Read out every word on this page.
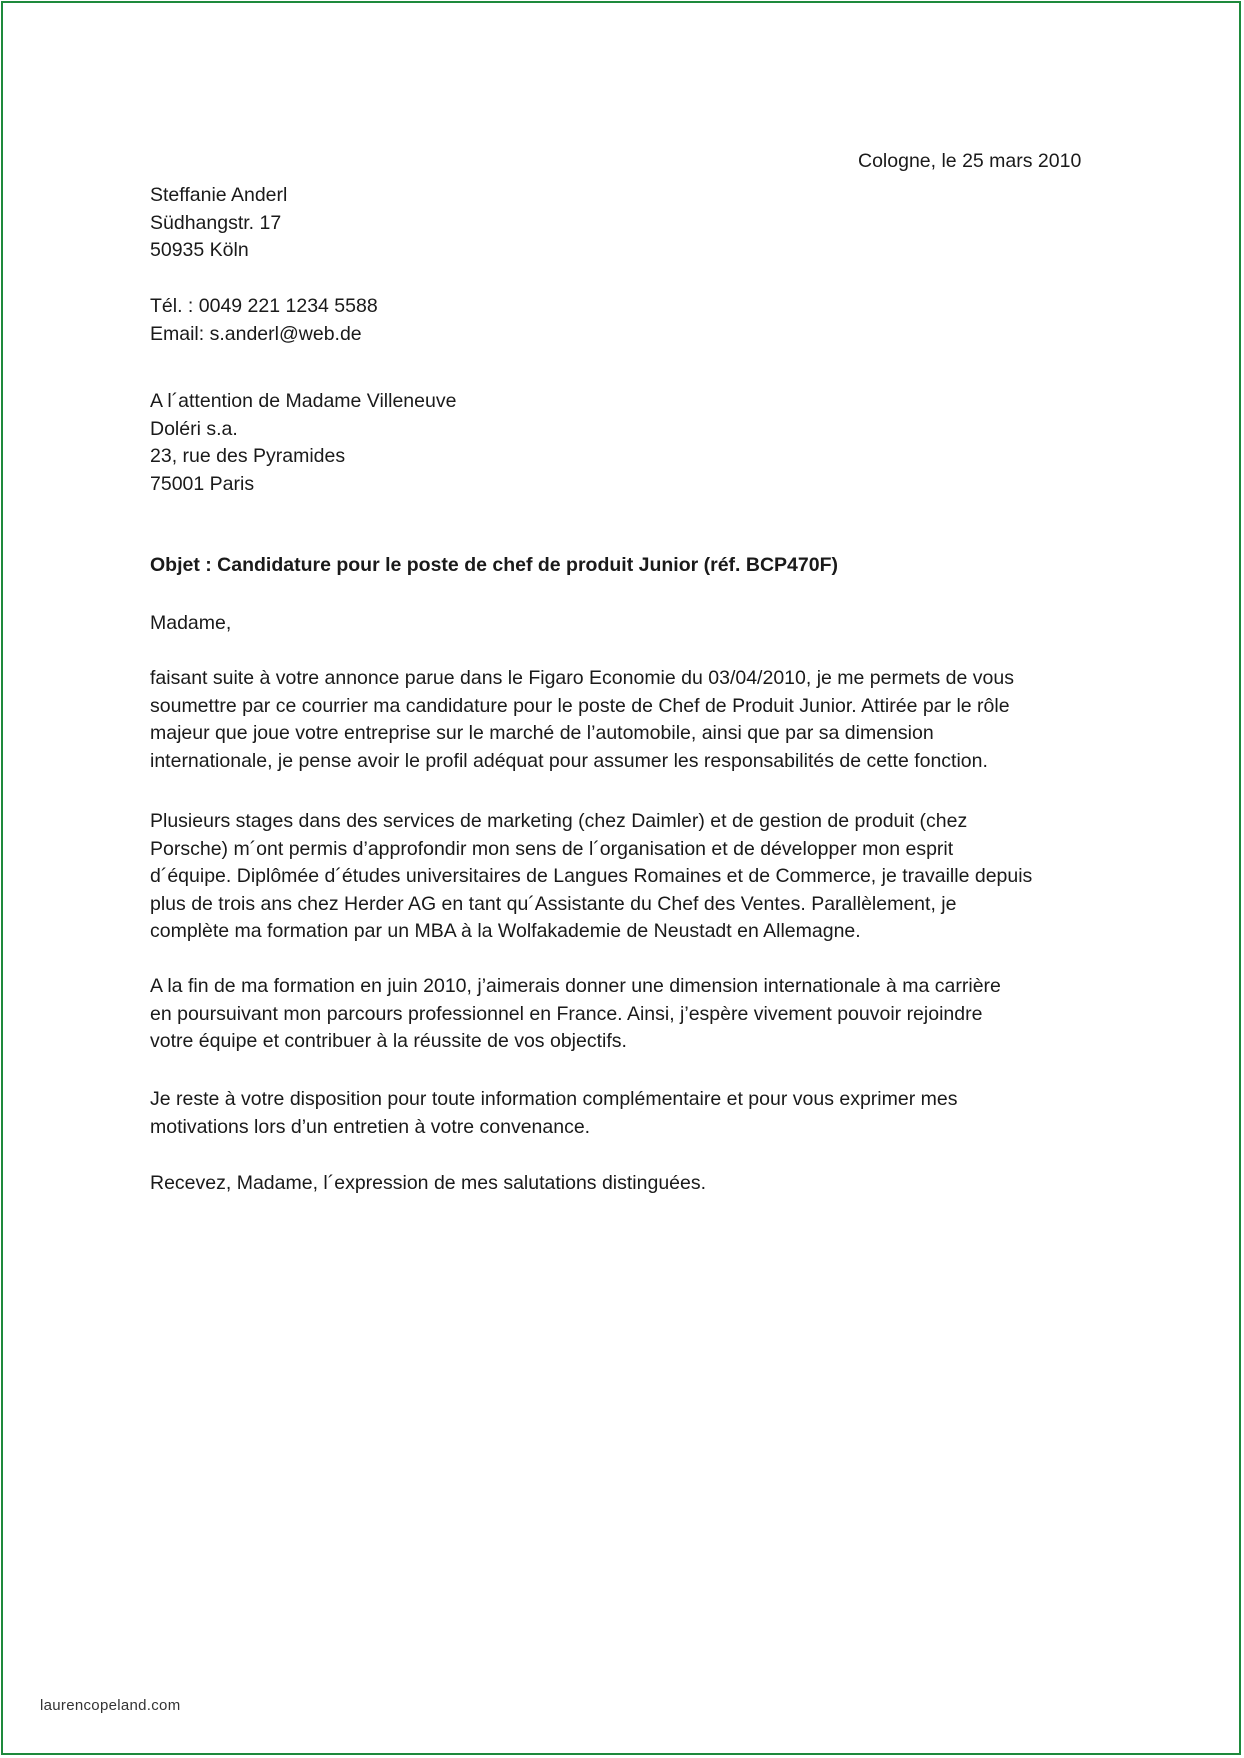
Cologne, le 25 mars 2010
Steffanie Anderl
Südhangstr. 17
50935 Köln
Tél. : 0049 221 1234 5588
Email: s.anderl@web.de
A l´attention de Madame Villeneuve
Doléri s.a.
23, rue des Pyramides
75001 Paris
Objet : Candidature pour le poste de chef de produit Junior (réf. BCP470F)
Madame,
faisant suite à votre annonce parue dans le Figaro Economie du 03/04/2010, je me permets de vous
soumettre par ce courrier ma candidature pour le poste de Chef de Produit Junior. Attirée par le rôle
majeur que joue votre entreprise sur le marché de l’automobile, ainsi que par sa dimension
internationale, je pense avoir le profil adéquat pour assumer les responsabilités de cette fonction.
Plusieurs stages dans des services de marketing (chez Daimler) et de gestion de produit (chez
Porsche) m´ont permis d’approfondir mon sens de l´organisation et de développer mon esprit
d´équipe. Diplômée d´études universitaires de Langues Romaines et de Commerce, je travaille depuis
plus de trois ans chez Herder AG en tant qu´Assistante du Chef des Ventes. Parallèlement, je
complète ma formation par un MBA à la Wolfakademie de Neustadt en Allemagne.
A la fin de ma formation en juin 2010, j’aimerais donner une dimension internationale à ma carrière
en poursuivant mon parcours professionnel en France. Ainsi, j’espère vivement pouvoir rejoindre
votre équipe et contribuer à la réussite de vos objectifs.
Je reste à votre disposition pour toute information complémentaire et pour vous exprimer mes
motivations lors d’un entretien à votre convenance.
Recevez, Madame, l´expression de mes salutations distinguées.
laurencopeland.com
